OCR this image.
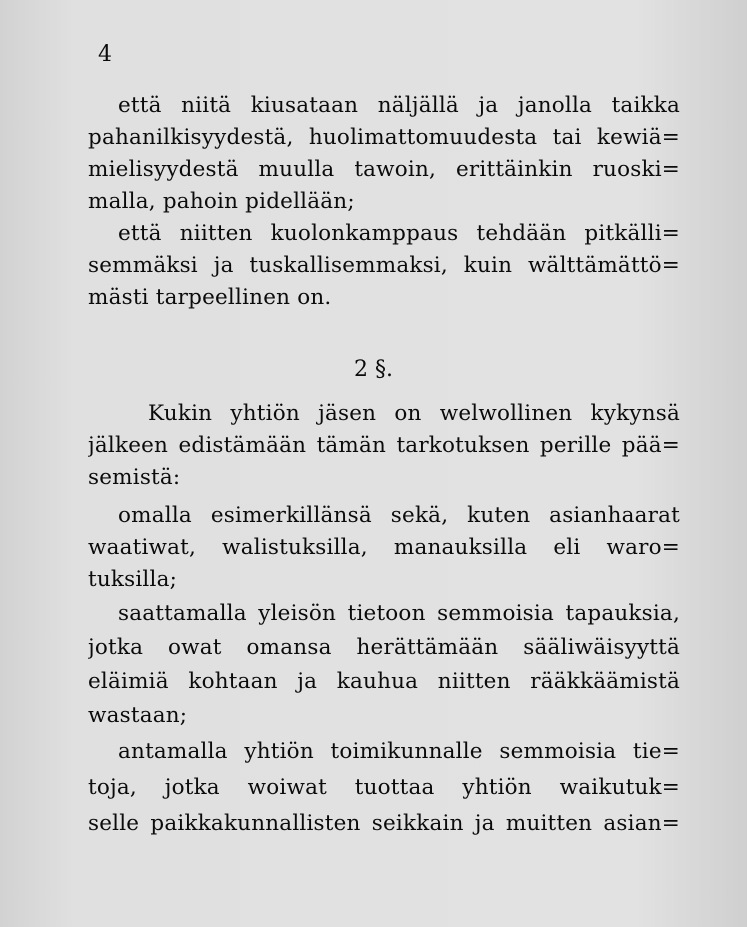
4
että niitä kiusataan näljällä ja janolla taikka
pahanilkisyydestä, huolimattomuudesta tai kewiä=
mielisyydestä muulla tawoin, erittäinkin ruoski=
malla, pahoin pidellään;
että niitten kuolonkamppaus tehdään pitkälli=
semmäksi ja tuskallisemmaksi, kuin wälttämättö=
mästi tarpeellinen on.
2 §.
Kukin yhtiön jäsen on welwollinen kykynsä
jälkeen edistämään tämän tarkotuksen perille pää=
semistä:
omalla esimerkillänsä sekä, kuten asianhaarat
waatiwat, walistuksilla, manauksilla eli waro=
tuksilla;
saattamalla yleisön tietoon semmoisia tapauksia,
jotka owat omansa herättämään sääliwäisyyttä
eläimiä kohtaan ja kauhua niitten rääkkäämistä
wastaan;
antamalla yhtiön toimikunnalle semmoisia tie=
toja, jotka woiwat tuottaa yhtiön waikutuk=
selle paikkakunnallisten seikkain ja muitten asian=
